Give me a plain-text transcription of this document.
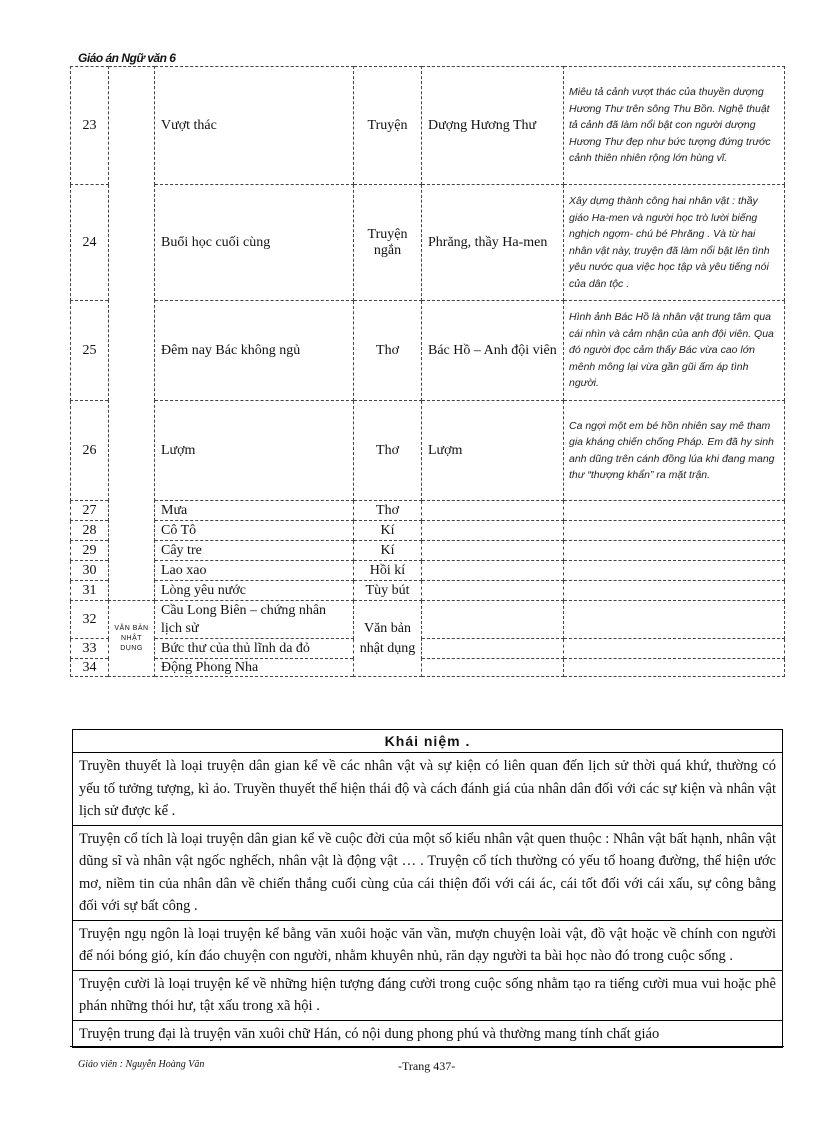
Giáo án Ngữ văn 6
23		Vượt thác	Truyện	Dượng Hương Thư	Miêu tả cảnh vượt thác của thuyền dượng Hương Thư trên sông Thu Bồn. Nghệ thuật tả cảnh đã làm nổi bật con người dượng Hương Thư đẹp như bức tượng đứng trước cảnh thiên nhiên rộng lớn hùng vĩ.
24		Buổi học cuối cùng	Truyện ngắn	Phrăng, thầy Ha-men	Xây dựng thành công hai nhân vật : thầy giáo Ha-men và người học trò lười biếng nghịch ngợm- chú bé Phrăng . Và từ hai nhân vật này, truyện đã làm nổi bật lên tình yêu nước qua việc học tập và yêu tiếng nói của dân tộc .
25		Đêm nay Bác không ngủ	Thơ	Bác Hồ – Anh đội viên	Hình ảnh Bác Hồ là nhân vật trung tâm qua cái nhìn và cảm nhận của anh đội viên. Qua đó người đọc cảm thấy Bác vừa cao lớn mênh mông lại vừa gần gũi ấm áp tình người.
26		Lượm	Thơ	Lượm	Ca ngợi một em bé hồn nhiên say mê tham gia kháng chiến chống Pháp. Em đã hy sinh anh dũng trên cánh đồng lúa khi đang mang thư “thượng khẩn” ra mặt trận.
27		Mưa	Thơ		
28		Cô Tô	Kí		
29		Cây tre	Kí		
30		Lao xao	Hồi kí		
31		Lòng yêu nước	Tùy bút		
32	VĂN BẢN NHẬT DỤNG	Cầu Long Biên – chứng nhân lịch sử	Văn bản nhật dụng		
33		Bức thư của thủ lĩnh da đỏ			
34		Động Phong Nha			
Khái niệm .
Truyền thuyết là loại truyện dân gian kể về các nhân vật và sự kiện có liên quan đến lịch sử thời quá khứ, thường có yếu tố tưởng tượng, kì ảo. Truyền thuyết thể hiện thái độ và cách đánh giá của nhân dân đối với các sự kiện và nhân vật lịch sử được kể .
Truyện cổ tích là loại truyện dân gian kể về cuộc đời của một số kiểu nhân vật quen thuộc : Nhân vật bất hạnh, nhân vật dũng sĩ và nhân vật ngốc nghếch, nhân vật là động vật … . Truyện cổ tích thường có yếu tố hoang đường, thể hiện ước mơ, niềm tin của nhân dân về chiến thắng cuối cùng của cái thiện đối với cái ác, cái tốt đối với cái xấu, sự công bằng đối với sự bất công .
Truyện ngụ ngôn là loại truyện kể bằng văn xuôi hoặc văn vần, mượn chuyện loài vật, đồ vật hoặc về chính con người để nói bóng gió, kín đáo chuyện con người, nhằm khuyên nhủ, răn dạy người ta bài học nào đó trong cuộc sống .
Truyện cười là loại truyện kể về những hiện tượng đáng cười trong cuộc sống nhằm tạo ra tiếng cười mua vui hoặc phê phán những thói hư, tật xấu trong xã hội .
Truyện trung đại là truyện văn xuôi chữ Hán, có nội dung phong phú và thường mang tính chất giáo
Giáo viên : Nguyễn Hoàng Văn	-Trang 437-
